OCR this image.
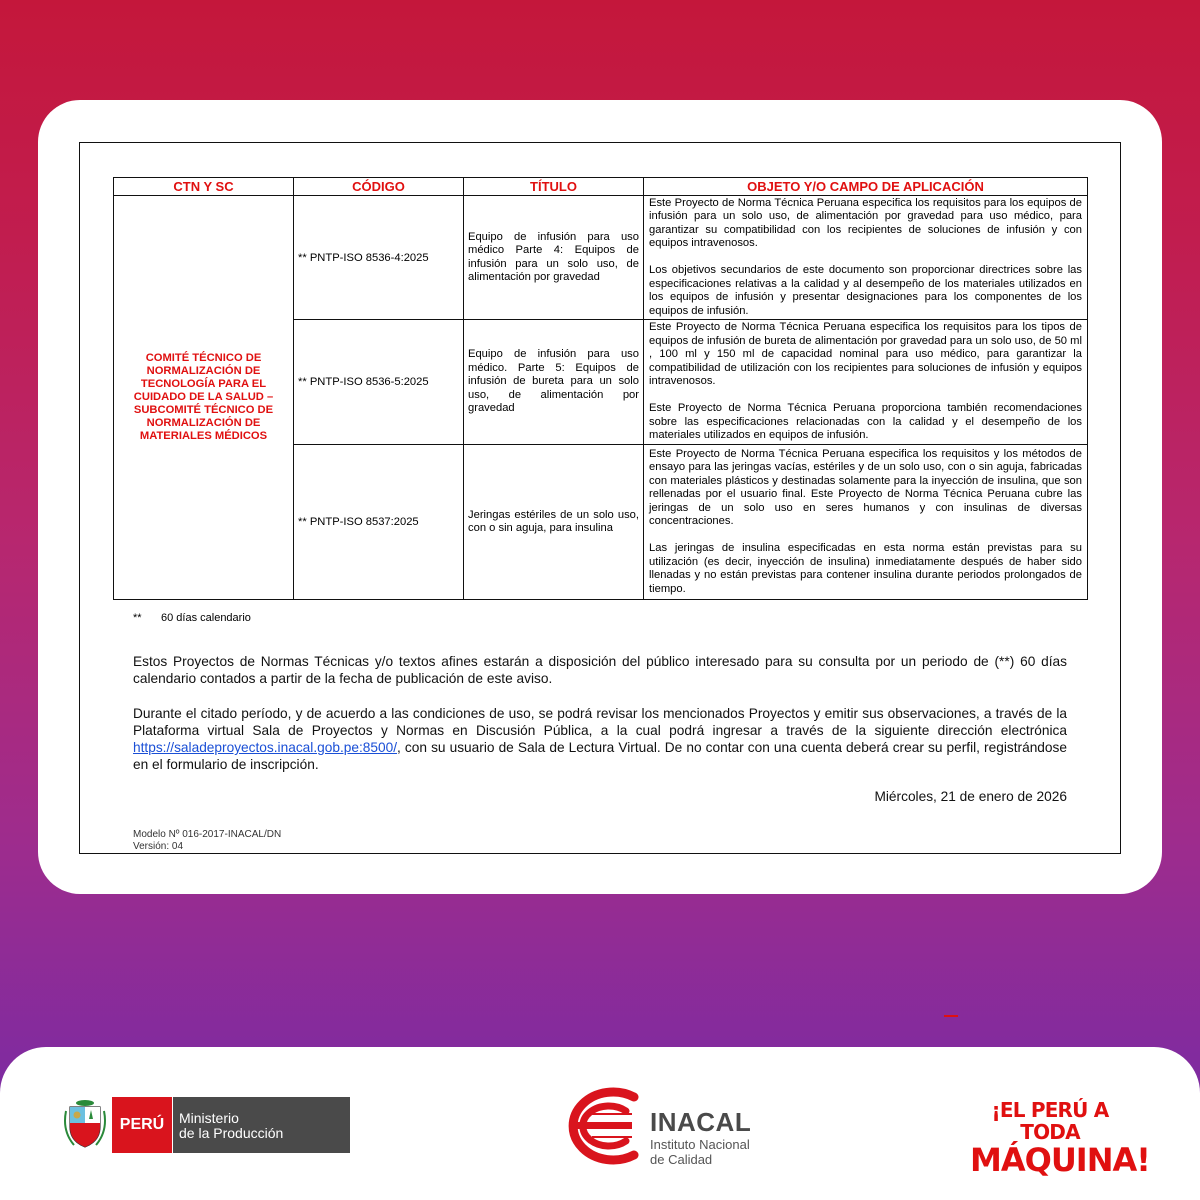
CTN Y SC	CÓDIGO	TÍTULO	OBJETO Y/O CAMPO DE APLICACIÓN
COMITÉ TÉCNICO DE NORMALIZACIÓN DE TECNOLOGÍA PARA EL CUIDADO DE LA SALUD – SUBCOMITÉ TÉCNICO DE NORMALIZACIÓN DE MATERIALES MÉDICOS	** PNTP-ISO 8536-4:2025	Equipo de infusión para uso médico Parte 4: Equipos de infusión para un solo uso, de alimentación por gravedad	Este Proyecto de Norma Técnica Peruana especifica los requisitos para los equipos de infusión para un solo uso, de alimentación por gravedad para uso médico, para garantizar su compatibilidad con los recipientes de soluciones de infusión y con equipos intravenosos.

Los objetivos secundarios de este documento son proporcionar directrices sobre las especificaciones relativas a la calidad y al desempeño de los materiales utilizados en los equipos de infusión y presentar designaciones para los componentes de los equipos de infusión.

	** PNTP-ISO 8536-5:2025	Equipo de infusión para uso médico. Parte 5: Equipos de infusión de bureta para un solo uso, de alimentación por gravedad	Este Proyecto de Norma Técnica Peruana especifica los requisitos para los tipos de equipos de infusión de bureta de alimentación por gravedad para un solo uso, de 50 ml , 100 ml y 150 ml de capacidad nominal para uso médico, para garantizar la compatibilidad de utilización con los recipientes para soluciones de infusión y equipos intravenosos.

Este Proyecto de Norma Técnica Peruana proporciona también recomendaciones sobre las especificaciones relacionadas con la calidad y el desempeño de los materiales utilizados en equipos de infusión.

	** PNTP-ISO 8537:2025	Jeringas estériles de un solo uso, con o sin aguja, para insulina	Este Proyecto de Norma Técnica Peruana especifica los requisitos y los métodos de ensayo para las jeringas vacías, estériles y de un solo uso, con o sin aguja, fabricadas con materiales plásticos y destinadas solamente para la inyección de insulina, que son rellenadas por el usuario final. Este Proyecto de Norma Técnica Peruana cubre las jeringas de un solo uso en seres humanos y con insulinas de diversas concentraciones.

Las jeringas de insulina especificadas en esta norma están previstas para su utilización (es decir, inyección de insulina) inmediatamente después de haber sido llenadas y no están previstas para contener insulina durante periodos prolongados de tiempo.

** 60 días calendario

Estos Proyectos de Normas Técnicas y/o textos afines estarán a disposición del público interesado para su consulta por un periodo de (**) 60 días calendario contados a partir de la fecha de publicación de este aviso.

Durante el citado período, y de acuerdo a las condiciones de uso, se podrá revisar los mencionados Proyectos y emitir sus observaciones, a través de la Plataforma virtual Sala de Proyectos y Normas en Discusión Pública, a la cual podrá ingresar a través de la siguiente dirección electrónica https://saladeproyectos.inacal.gob.pe:8500/, con su usuario de Sala de Lectura Virtual. De no contar con una cuenta deberá crear su perfil, registrándose en el formulario de inscripción.

Miércoles, 21 de enero de 2026
Modelo Nº 016-2017-INACAL/DN
Versión: 04
PERÚ	Ministerio
de la Producción	INACAL
Instituto Nacional
de Calidad
¡EL PERÚ A TODA
MÁQUINA!
